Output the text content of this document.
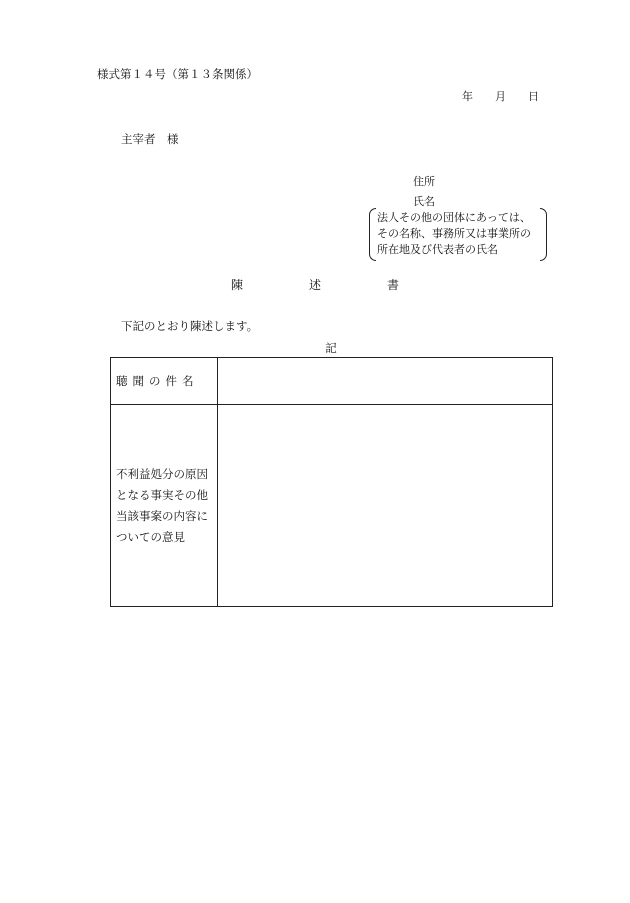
様式第１４号（第１３条関係）
年 月 日
主宰者　様
住所
氏名
法人その他の団体にあっては、
その名称、事務所又は事業所の
所在地及び代表者の氏名
陳	述	書
下記のとおり陳述します。
記
聴聞の件名	

不利益処分の原因
となる事実その他
当該事案の内容に
ついての意見	
